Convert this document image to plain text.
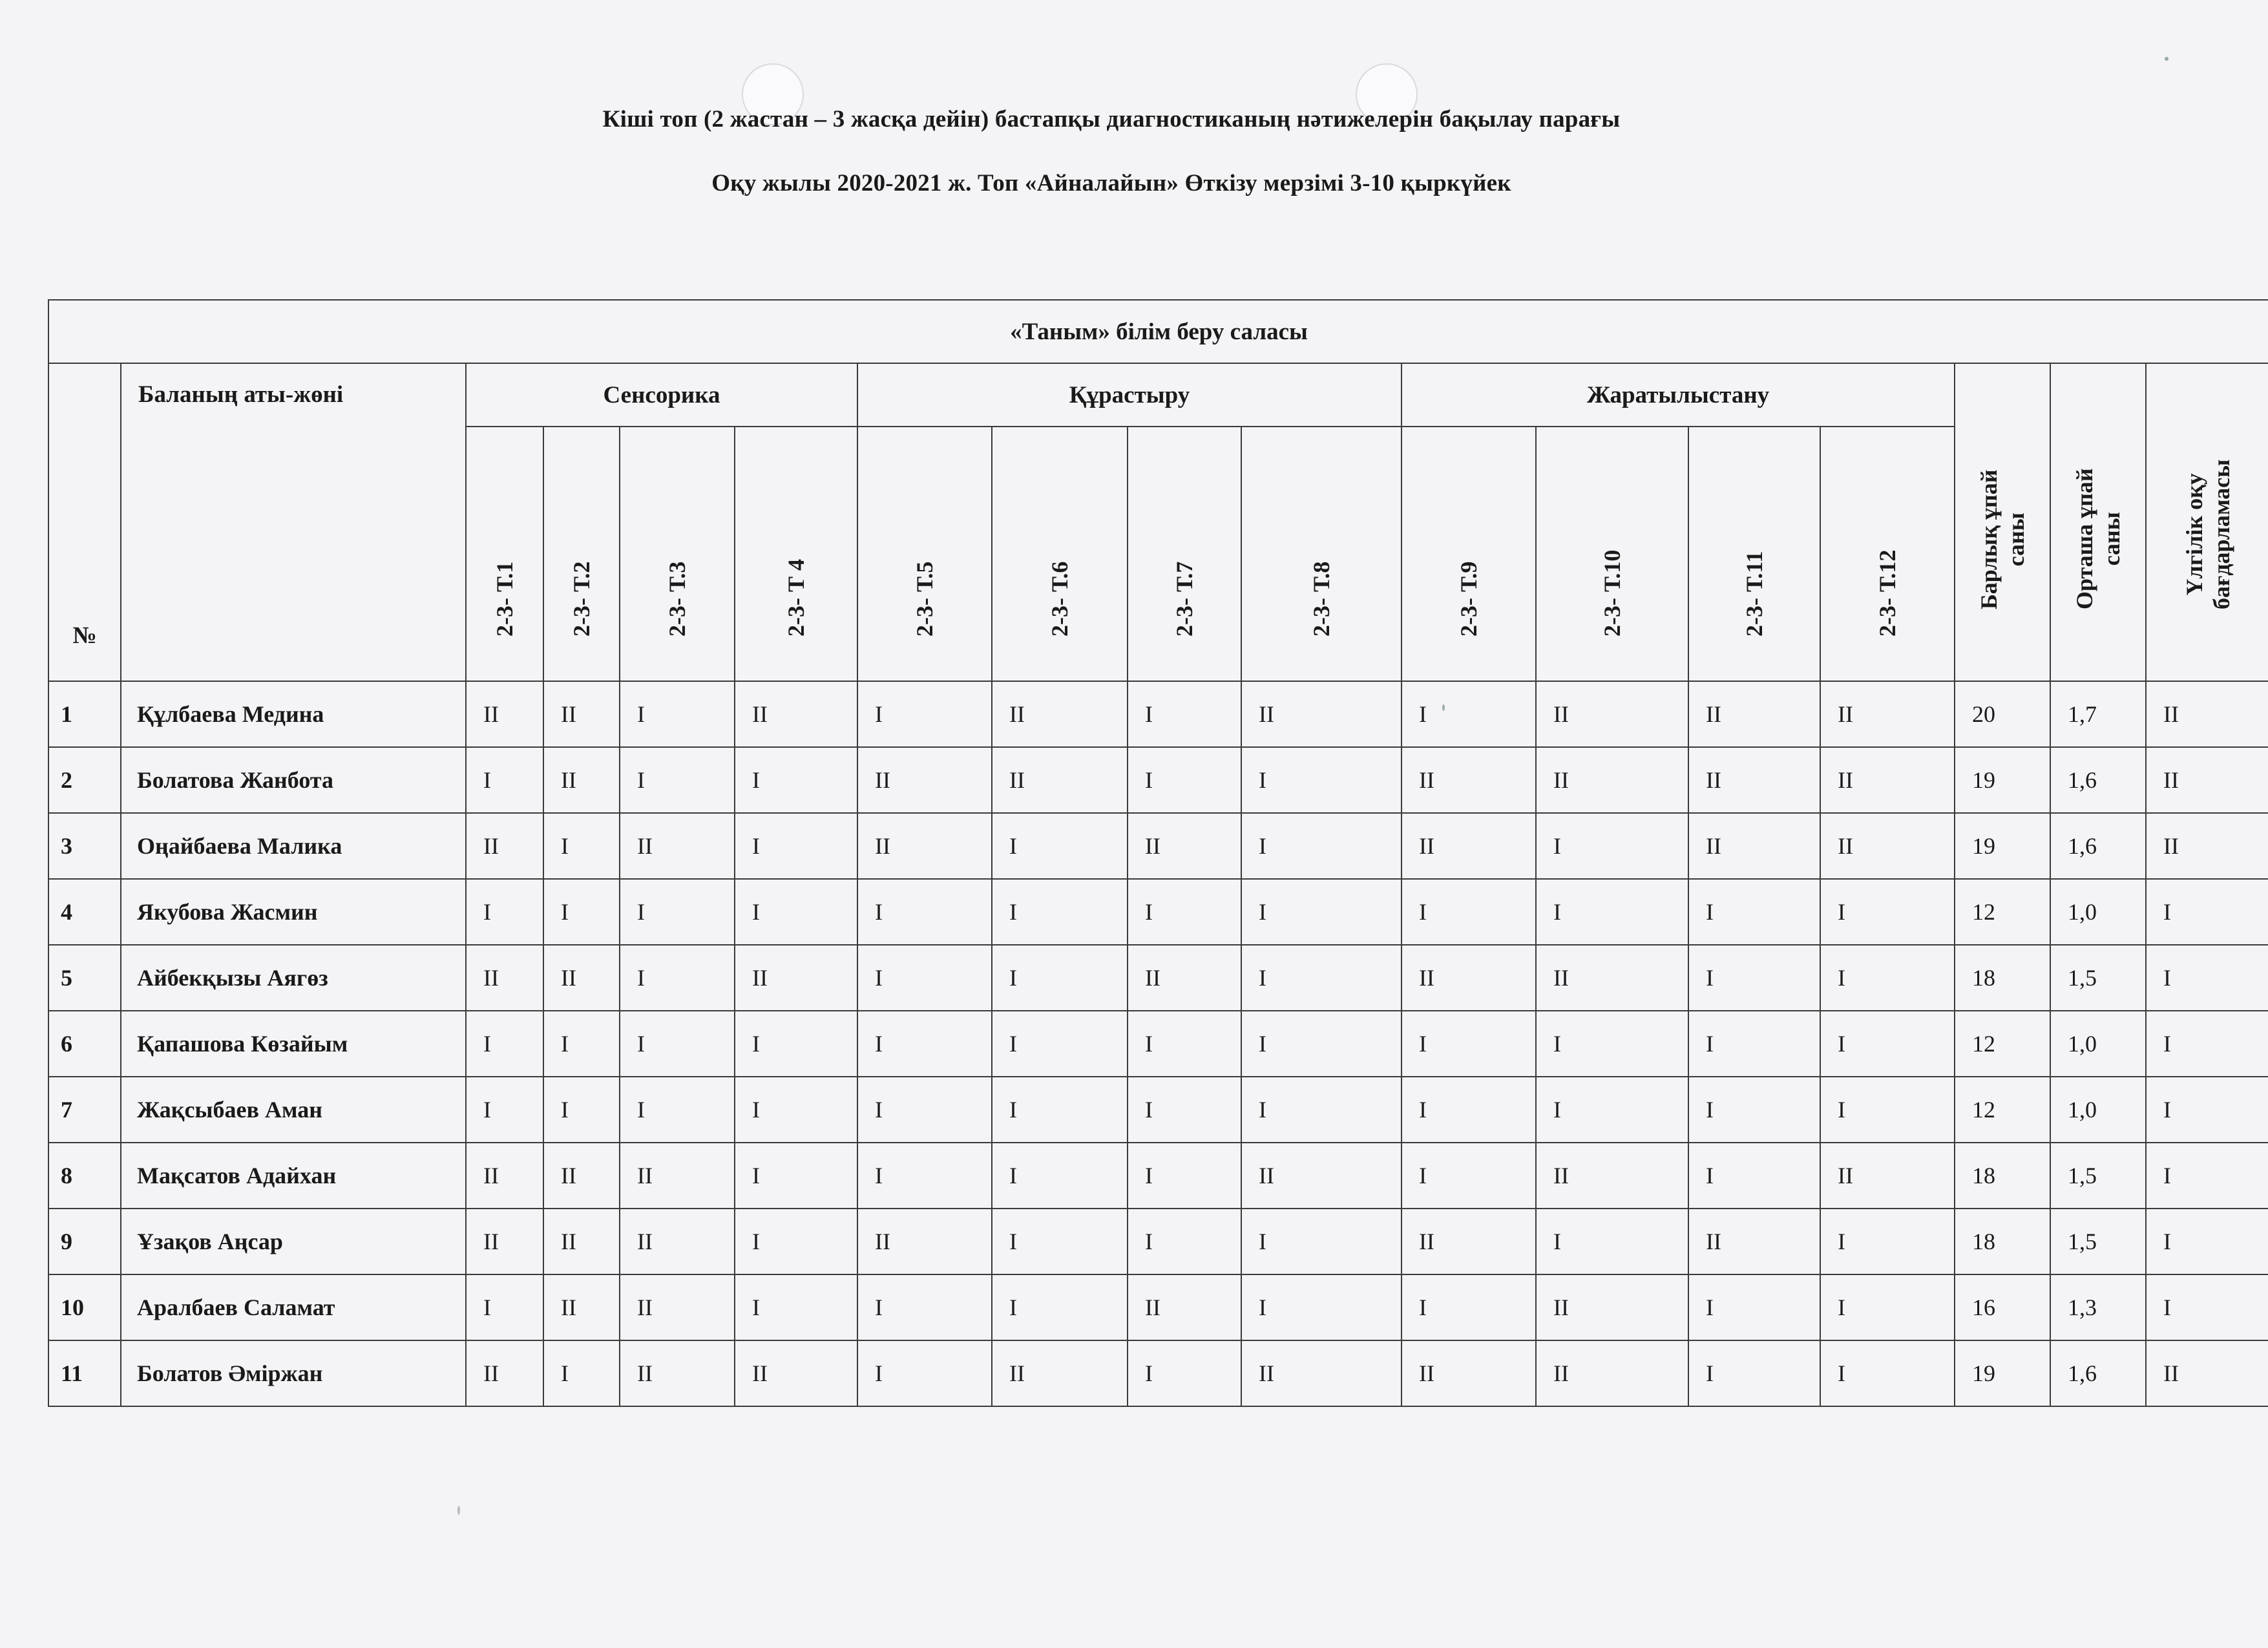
Кіші топ (2 жастан – 3 жасқа дейін) бастапқы диагностиканың нәтижелерін бақылау парағы
Оқу жылы 2020-2021 ж. Топ «Айналайын» Өткізу мерзімі 3-10 қыркүйек
«Таным» білім беру саласы																
№	Баланың аты-жөні	Сенсорика				Құрастыру				Жаратылыстану				Барлық ұпай
саны	Орташа ұпай
саны	Үлгілік оқу
бағдарламасы

		2-3- Т.1	2-3- Т.2	2-3- Т.3	2-3- Т 4	2-3- Т.5	2-3- Т.6	2-3- Т.7	2-3- Т.8	2-3- Т.9	2-3- Т.10	2-3- Т.11	2-3- Т.12			

1	Құлбаева Медина	II	II	I	II	I	II	I	II	I	II	II	II	20	1,7	II
2	Болатова Жанбота	I	II	I	I	II	II	I	I	II	II	II	II	19	1,6	II
3	Оңайбаева Малика	II	I	II	I	II	I	II	I	II	I	II	II	19	1,6	II
4	Якубова Жасмин	I	I	I	I	I	I	I	I	I	I	I	I	12	1,0	I
5	Айбекқызы Аягөз	II	II	I	II	I	I	II	I	II	II	I	I	18	1,5	I
6	Қапашова Көзайым	I	I	I	I	I	I	I	I	I	I	I	I	12	1,0	I
7	Жақсыбаев Аман	I	I	I	I	I	I	I	I	I	I	I	I	12	1,0	I
8	Мақсатов Адайхан	II	II	II	I	I	I	I	II	I	II	I	II	18	1,5	I
9	Ұзақов Аңсар	II	II	II	I	II	I	I	I	II	I	II	I	18	1,5	I
10	Аралбаев Саламат	I	II	II	I	I	I	II	I	I	II	I	I	16	1,3	I
11	Болатов Әміржан	II	I	II	II	I	II	I	II	II	II	I	I	19	1,6	II
